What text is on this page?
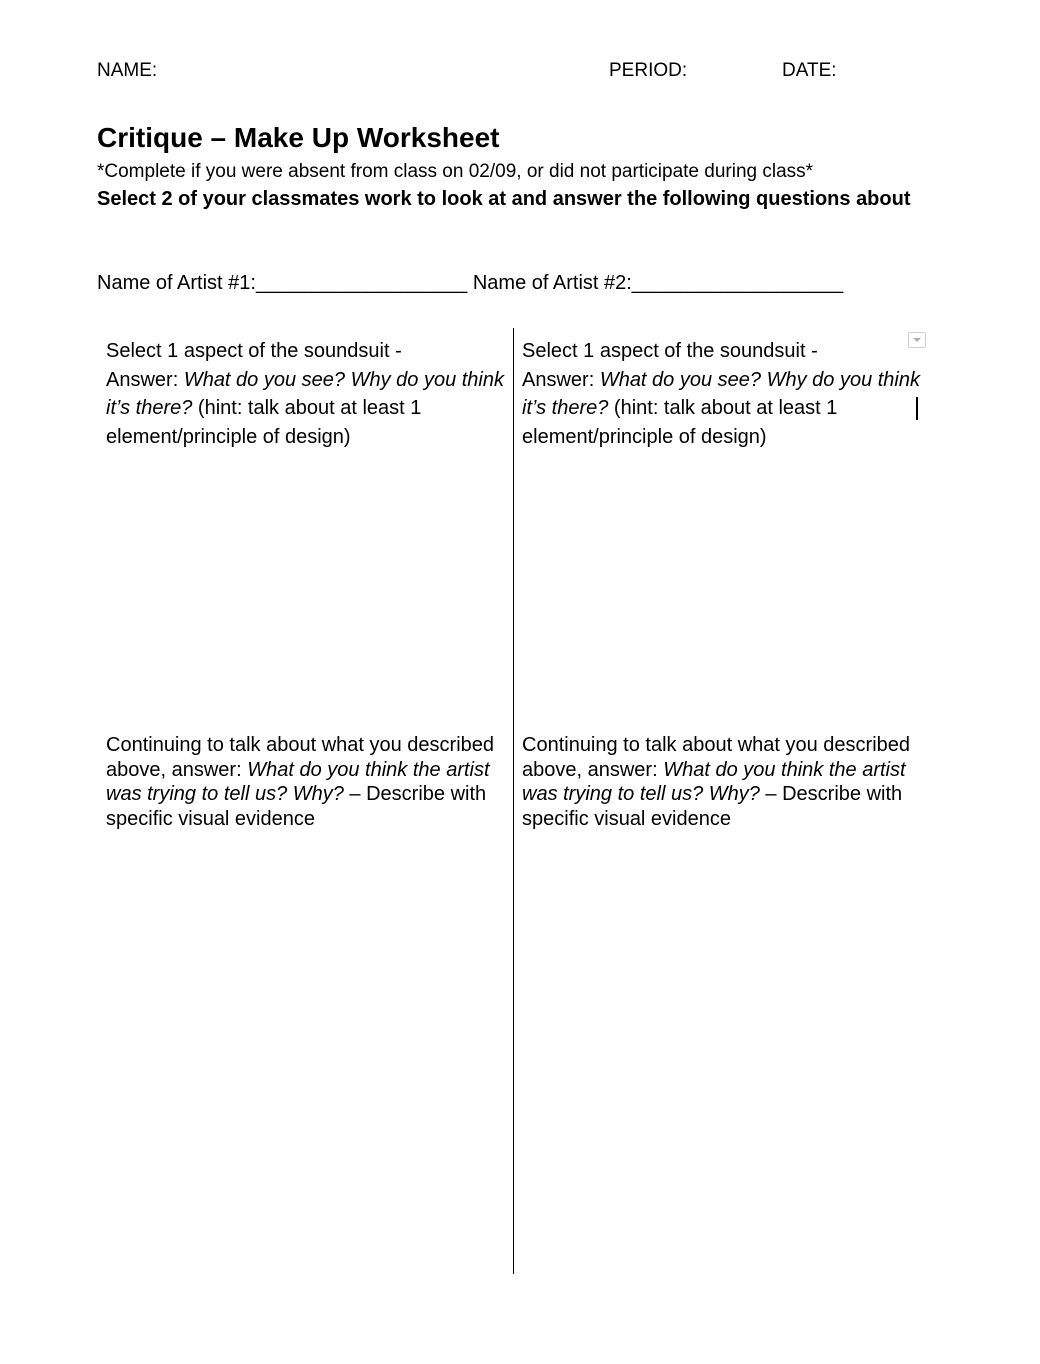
NAME:	PERIOD:	DATE:
Critique – Make Up Worksheet
*Complete if you were absent from class on 02/09, or did not participate during class*
Select 2 of your classmates work to look at and answer the following questions about
Name of Artist #1:___________________ Name of Artist #2:___________________
Select 1 aspect of the soundsuit -
Answer: What do you see? Why do you think it’s there? (hint: talk about at least 1 element/principle of design)
Select 1 aspect of the soundsuit -
Answer: What do you see? Why do you think it’s there? (hint: talk about at least 1 element/principle of design)
Continuing to talk about what you described above, answer: What do you think the artist was trying to tell us? Why? – Describe with specific visual evidence
Continuing to talk about what you described above, answer: What do you think the artist was trying to tell us? Why? – Describe with specific visual evidence
